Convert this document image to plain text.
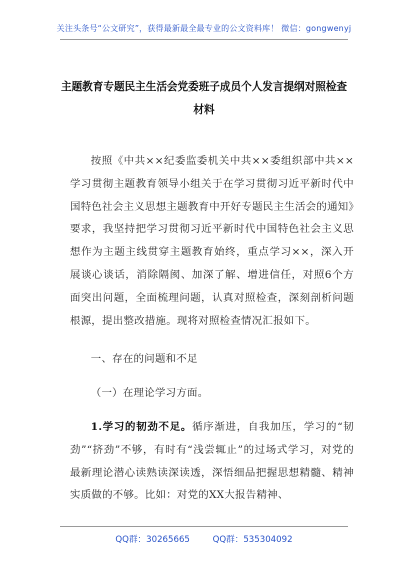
关注头条号“公文研究”，获得最新最全最专业的公文资料库！ 微信：gongwenyj
主题教育专题民主生活会党委班子成员个人发言提纲对照检查材料
按照《中共××纪委监委机关中共××委组织部中共××学习贯彻主题教育领导小组关于在学习贯彻习近平新时代中国特色社会主义思想主题教育中开好专题民主生活会的通知》要求，我坚持把学习贯彻习近平新时代中国特色社会主义思想作为主题主线贯穿主题教育始终，重点学习××，深入开展谈心谈话，消除隔阂、加深了解、增进信任，对照6个方面突出问题，全面梳理问题，认真对照检查，深刻剖析问题根源，提出整改措施。现将对照检查情况汇报如下。
一、存在的问题和不足
（一）在理论学习方面。
1.学习的韧劲不足。循序渐进，自我加压，学习的“韧劲”“挤劲”不够，有时有“浅尝辄止”的过场式学习，对党的最新理论潜心读熟读深读透，深悟细品把握思想精髓、精神实质做的不够。比如：对党的XX大报告精神、
QQ群：30265665	QQ群：535304092
